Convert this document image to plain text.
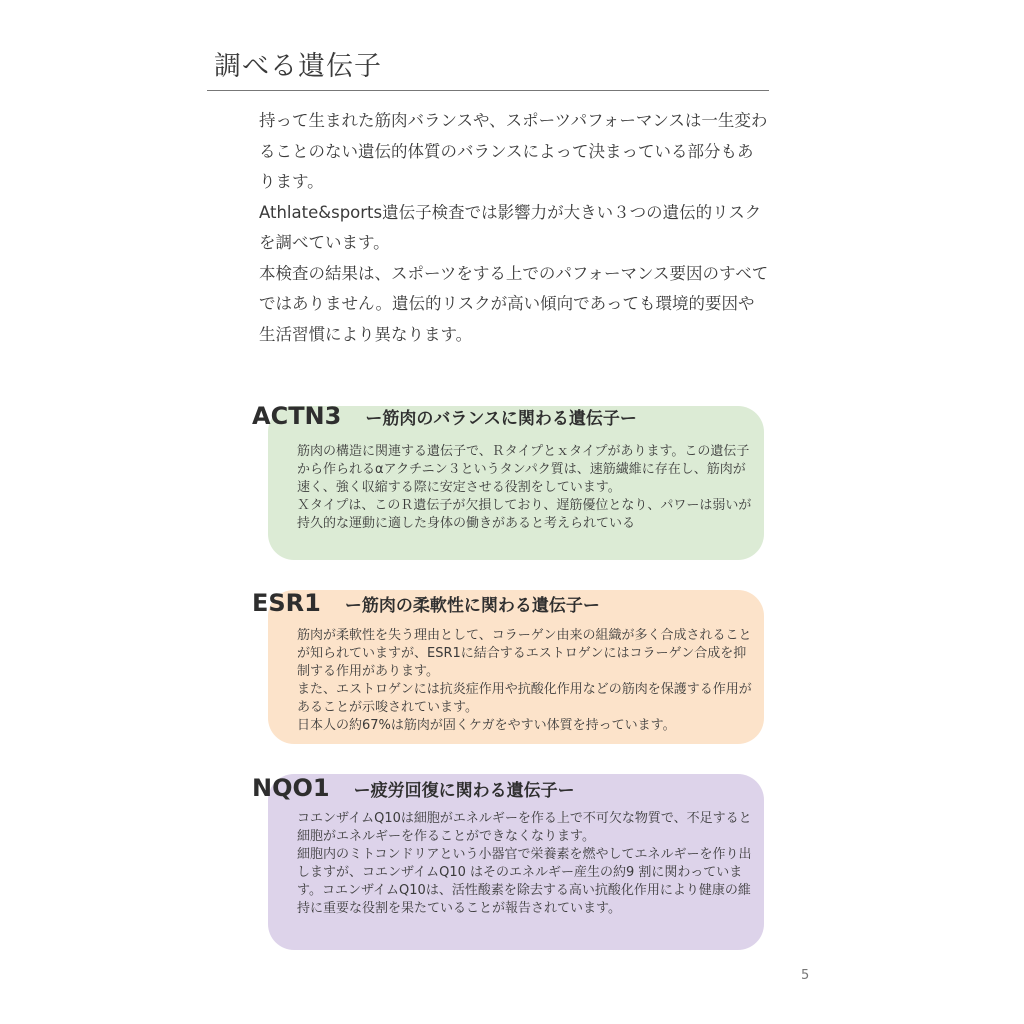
調べる遺伝子

持って生まれた筋肉バランスや、スポーツパフォーマンスは一生変わることのない遺伝的体質のバランスによって決まっている部分もあります。

Athlate&sports遺伝子検査では影響力が大きい３つの遺伝的リスクを調べています。

本検査の結果は、スポーツをする上でのパフォーマンス要因のすべてではありません。遺伝的リスクが高い傾向であっても環境的要因や生活習慣により異なります。

ACTN3 ー筋肉のバランスに関わる遺伝子ー

筋肉の構造に関連する遺伝子で、Ｒタイプとｘタイプがあります。この遺伝子から作られるαアクチニン３というタンパク質は、速筋繊維に存在し、筋肉が速く、強く収縮する際に安定させる役割をしています。

Ｘタイプは、このＲ遺伝子が欠損しており、遅筋優位となり、パワーは弱いが持久的な運動に適した身体の働きがあると考えられている

ESR1 ー筋肉の柔軟性に関わる遺伝子ー

筋肉が柔軟性を失う理由として、コラーゲン由来の組織が多く合成されることが知られていますが、ESR1に結合するエストロゲンにはコラーゲン合成を抑制する作用があります。

また、エストロゲンには抗炎症作用や抗酸化作用などの筋肉を保護する作用があることが示唆されています。

日本人の約67%は筋肉が固くケガをやすい体質を持っています。

NQO1 ー疲労回復に関わる遺伝子ー

コエンザイムQ10は細胞がエネルギーを作る上で不可欠な物質で、不足すると細胞がエネルギーを作ることができなくなります。

細胞内のミトコンドリアという小器官で栄養素を燃やしてエネルギーを作り出しますが、コエンザイムQ10 はそのエネルギー産生の約9 割に関わっています。コエンザイムQ10は、活性酸素を除去する高い抗酸化作用により健康の維持に重要な役割を果たていることが報告されています。

5
